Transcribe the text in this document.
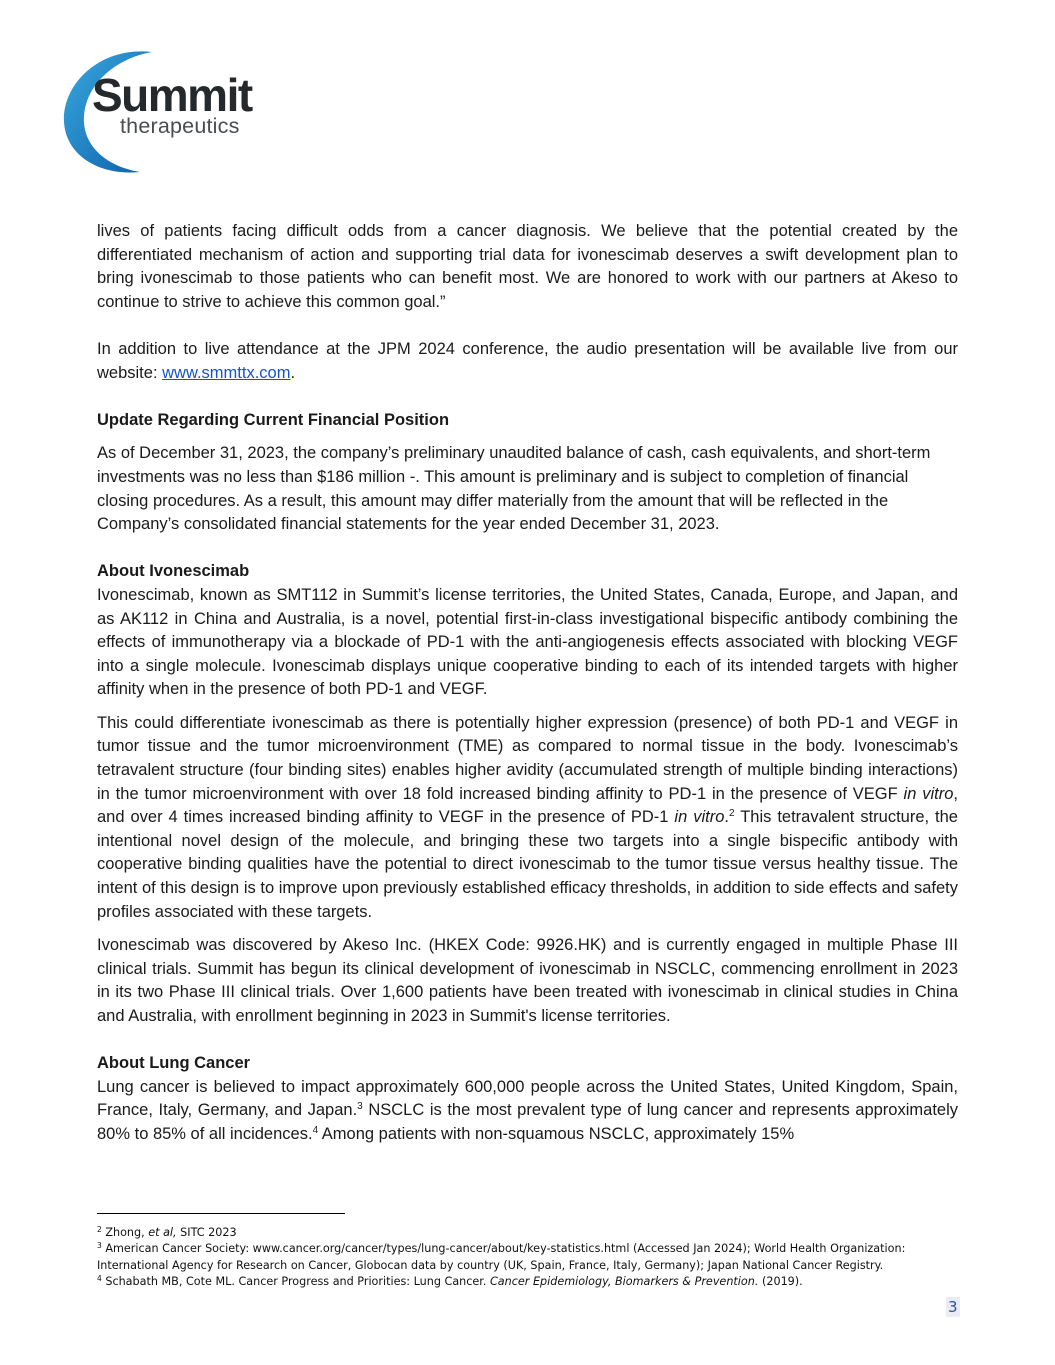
Summit
therapeutics

lives of patients facing difficult odds from a cancer diagnosis. We believe that the potential created by the differentiated mechanism of action and supporting trial data for ivonescimab deserves a swift development plan to bring ivonescimab to those patients who can benefit most. We are honored to work with our partners at Akeso to continue to strive to achieve this common goal.”

In addition to live attendance at the JPM 2024 conference, the audio presentation will be available live from our website: www.smmttx.com.

Update Regarding Current Financial Position

As of December 31, 2023, the company’s preliminary unaudited balance of cash, cash equivalents, and short-term investments was no less than $186 million -. This amount is preliminary and is subject to completion of financial closing procedures. As a result, this amount may differ materially from the amount that will be reflected in the Company’s consolidated financial statements for the year ended December 31, 2023.

About Ivonescimab

Ivonescimab, known as SMT112 in Summit’s license territories, the United States, Canada, Europe, and Japan, and as AK112 in China and Australia, is a novel, potential first-in-class investigational bispecific antibody combining the effects of immunotherapy via a blockade of PD-1 with the anti-angiogenesis effects associated with blocking VEGF into a single molecule. Ivonescimab displays unique cooperative binding to each of its intended targets with higher affinity when in the presence of both PD-1 and VEGF.

This could differentiate ivonescimab as there is potentially higher expression (presence) of both PD-1 and VEGF in tumor tissue and the tumor microenvironment (TME) as compared to normal tissue in the body. Ivonescimab’s tetravalent structure (four binding sites) enables higher avidity (accumulated strength of multiple binding interactions) in the tumor microenvironment with over 18 fold increased binding affinity to PD-1 in the presence of VEGF in vitro, and over 4 times increased binding affinity to VEGF in the presence of PD-1 in vitro.$^2$ This tetravalent structure, the intentional novel design of the molecule, and bringing these two targets into a single bispecific antibody with cooperative binding qualities have the potential to direct ivonescimab to the tumor tissue versus healthy tissue. The intent of this design is to improve upon previously established efficacy thresholds, in addition to side effects and safety profiles associated with these targets.

Ivonescimab was discovered by Akeso Inc. (HKEX Code: 9926.HK) and is currently engaged in multiple Phase III clinical trials. Summit has begun its clinical development of ivonescimab in NSCLC, commencing enrollment in 2023 in its two Phase III clinical trials. Over 1,600 patients have been treated with ivonescimab in clinical studies in China and Australia, with enrollment beginning in 2023 in Summit's license territories.

About Lung Cancer

Lung cancer is believed to impact approximately 600,000 people across the United States, United Kingdom, Spain, France, Italy, Germany, and Japan.$^3$ NSCLC is the most prevalent type of lung cancer and represents approximately 80% to 85% of all incidences.$^4$ Among patients with non-squamous NSCLC, approximately 15%

$^2$ Zhong, et al, SITC 2023

$^3$ American Cancer Society: www.cancer.org/cancer/types/lung-cancer/about/key-statistics.html (Accessed Jan 2024); World Health Organization: International Agency for Research on Cancer, Globocan data by country (UK, Spain, France, Italy, Germany); Japan National Cancer Registry.

$^4$ Schabath MB, Cote ML. Cancer Progress and Priorities: Lung Cancer. Cancer Epidemiology, Biomarkers & Prevention. (2019).

3
